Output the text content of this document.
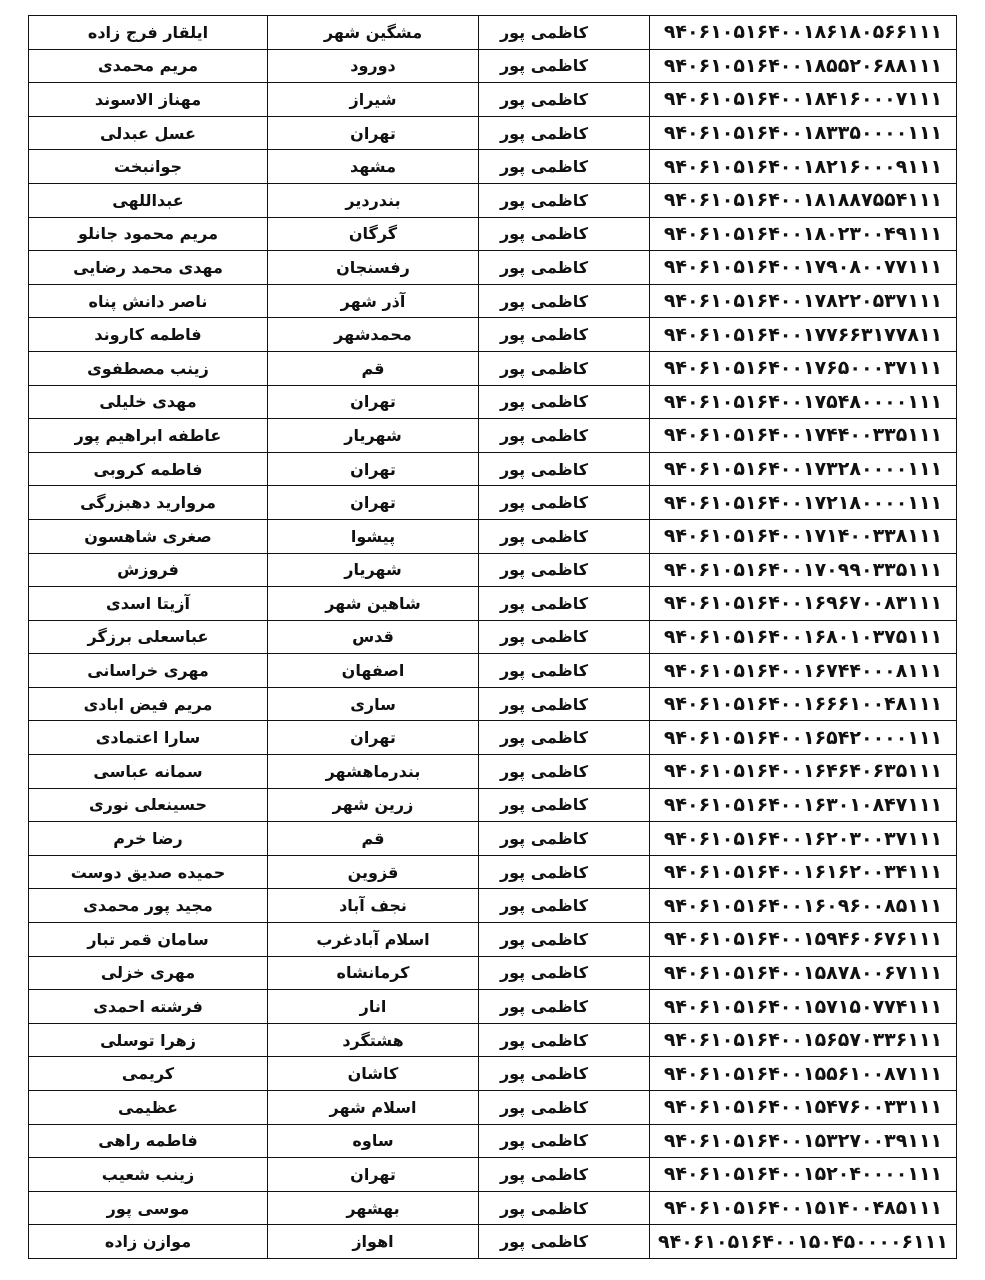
ایلقار فرج زاده	مشگین شهر	کاظمی پور	۹۴۰۶۱۰۵۱۶۴۰۰۱۸۶۱۸۰۵۶۶۱۱۱
مریم محمدی	دورود	کاظمی پور	۹۴۰۶۱۰۵۱۶۴۰۰۱۸۵۵۲۰۶۸۸۱۱۱
مهناز الاسوند	شیراز	کاظمی پور	۹۴۰۶۱۰۵۱۶۴۰۰۱۸۴۱۶۰۰۰۷۱۱۱
عسل عبدلی	تهران	کاظمی پور	۹۴۰۶۱۰۵۱۶۴۰۰۱۸۳۳۵۰۰۰۰۱۱۱
جوانبخت	مشهد	کاظمی پور	۹۴۰۶۱۰۵۱۶۴۰۰۱۸۲۱۶۰۰۰۹۱۱۱
عبداللهی	بندردیر	کاظمی پور	۹۴۰۶۱۰۵۱۶۴۰۰۱۸۱۸۸۷۵۵۴۱۱۱
مریم محمود جانلو	گرگان	کاظمی پور	۹۴۰۶۱۰۵۱۶۴۰۰۱۸۰۲۳۰۰۴۹۱۱۱
مهدی محمد رضایی	رفسنجان	کاظمی پور	۹۴۰۶۱۰۵۱۶۴۰۰۱۷۹۰۸۰۰۷۷۱۱۱
ناصر دانش پناه	آذر شهر	کاظمی پور	۹۴۰۶۱۰۵۱۶۴۰۰۱۷۸۲۲۰۵۳۷۱۱۱
فاطمه کاروند	محمدشهر	کاظمی پور	۹۴۰۶۱۰۵۱۶۴۰۰۱۷۷۶۶۳۱۷۷۸۱۱
زینب مصطفوی	قم	کاظمی پور	۹۴۰۶۱۰۵۱۶۴۰۰۱۷۶۵۰۰۰۳۷۱۱۱
مهدی خلیلی	تهران	کاظمی پور	۹۴۰۶۱۰۵۱۶۴۰۰۱۷۵۴۸۰۰۰۰۱۱۱
عاطفه ابراهیم پور	شهریار	کاظمی پور	۹۴۰۶۱۰۵۱۶۴۰۰۱۷۴۴۰۰۳۳۵۱۱۱
فاطمه کروبی	تهران	کاظمی پور	۹۴۰۶۱۰۵۱۶۴۰۰۱۷۳۲۸۰۰۰۰۱۱۱
مروارید دهبزرگی	تهران	کاظمی پور	۹۴۰۶۱۰۵۱۶۴۰۰۱۷۲۱۸۰۰۰۰۱۱۱
صغری شاهسون	پیشوا	کاظمی پور	۹۴۰۶۱۰۵۱۶۴۰۰۱۷۱۴۰۰۳۳۸۱۱۱
فروزش	شهریار	کاظمی پور	۹۴۰۶۱۰۵۱۶۴۰۰۱۷۰۹۹۰۳۳۵۱۱۱
آزیتا اسدی	شاهین شهر	کاظمی پور	۹۴۰۶۱۰۵۱۶۴۰۰۱۶۹۶۷۰۰۸۳۱۱۱
عباسعلی برزگر	قدس	کاظمی پور	۹۴۰۶۱۰۵۱۶۴۰۰۱۶۸۰۱۰۳۷۵۱۱۱
مهری خراسانی	اصفهان	کاظمی پور	۹۴۰۶۱۰۵۱۶۴۰۰۱۶۷۴۴۰۰۰۸۱۱۱
مریم فیض ابادی	ساری	کاظمی پور	۹۴۰۶۱۰۵۱۶۴۰۰۱۶۶۶۱۰۰۴۸۱۱۱
سارا اعتمادی	تهران	کاظمی پور	۹۴۰۶۱۰۵۱۶۴۰۰۱۶۵۴۲۰۰۰۰۱۱۱
سمانه عباسی	بندرماهشهر	کاظمی پور	۹۴۰۶۱۰۵۱۶۴۰۰۱۶۴۶۴۰۶۳۵۱۱۱
حسینعلی نوری	زرین شهر	کاظمی پور	۹۴۰۶۱۰۵۱۶۴۰۰۱۶۳۰۱۰۸۴۷۱۱۱
رضا خرم	قم	کاظمی پور	۹۴۰۶۱۰۵۱۶۴۰۰۱۶۲۰۳۰۰۳۷۱۱۱
حمیده صدیق دوست	قزوین	کاظمی پور	۹۴۰۶۱۰۵۱۶۴۰۰۱۶۱۶۲۰۰۳۴۱۱۱
مجید پور محمدی	نجف آباد	کاظمی پور	۹۴۰۶۱۰۵۱۶۴۰۰۱۶۰۹۶۰۰۸۵۱۱۱
سامان قمر تبار	اسلام آبادغرب	کاظمی پور	۹۴۰۶۱۰۵۱۶۴۰۰۱۵۹۴۶۰۶۷۶۱۱۱
مهری خزلی	کرمانشاه	کاظمی پور	۹۴۰۶۱۰۵۱۶۴۰۰۱۵۸۷۸۰۰۶۷۱۱۱
فرشته احمدی	انار	کاظمی پور	۹۴۰۶۱۰۵۱۶۴۰۰۱۵۷۱۵۰۷۷۴۱۱۱
زهرا توسلی	هشتگرد	کاظمی پور	۹۴۰۶۱۰۵۱۶۴۰۰۱۵۶۵۷۰۳۳۶۱۱۱
کریمی	کاشان	کاظمی پور	۹۴۰۶۱۰۵۱۶۴۰۰۱۵۵۶۱۰۰۸۷۱۱۱
عظیمی	اسلام شهر	کاظمی پور	۹۴۰۶۱۰۵۱۶۴۰۰۱۵۴۷۶۰۰۳۳۱۱۱
فاطمه راهی	ساوه	کاظمی پور	۹۴۰۶۱۰۵۱۶۴۰۰۱۵۳۲۷۰۰۳۹۱۱۱
زینب شعیب	تهران	کاظمی پور	۹۴۰۶۱۰۵۱۶۴۰۰۱۵۲۰۴۰۰۰۰۱۱۱
موسی پور	بهشهر	کاظمی پور	۹۴۰۶۱۰۵۱۶۴۰۰۱۵۱۴۰۰۴۸۵۱۱۱
موازن زاده	اهواز	کاظمی پور	۹۴۰۶۱۰۵۱۶۴۰۰۱۵۰۴۵۰۰۰۰۶۱۱۱
